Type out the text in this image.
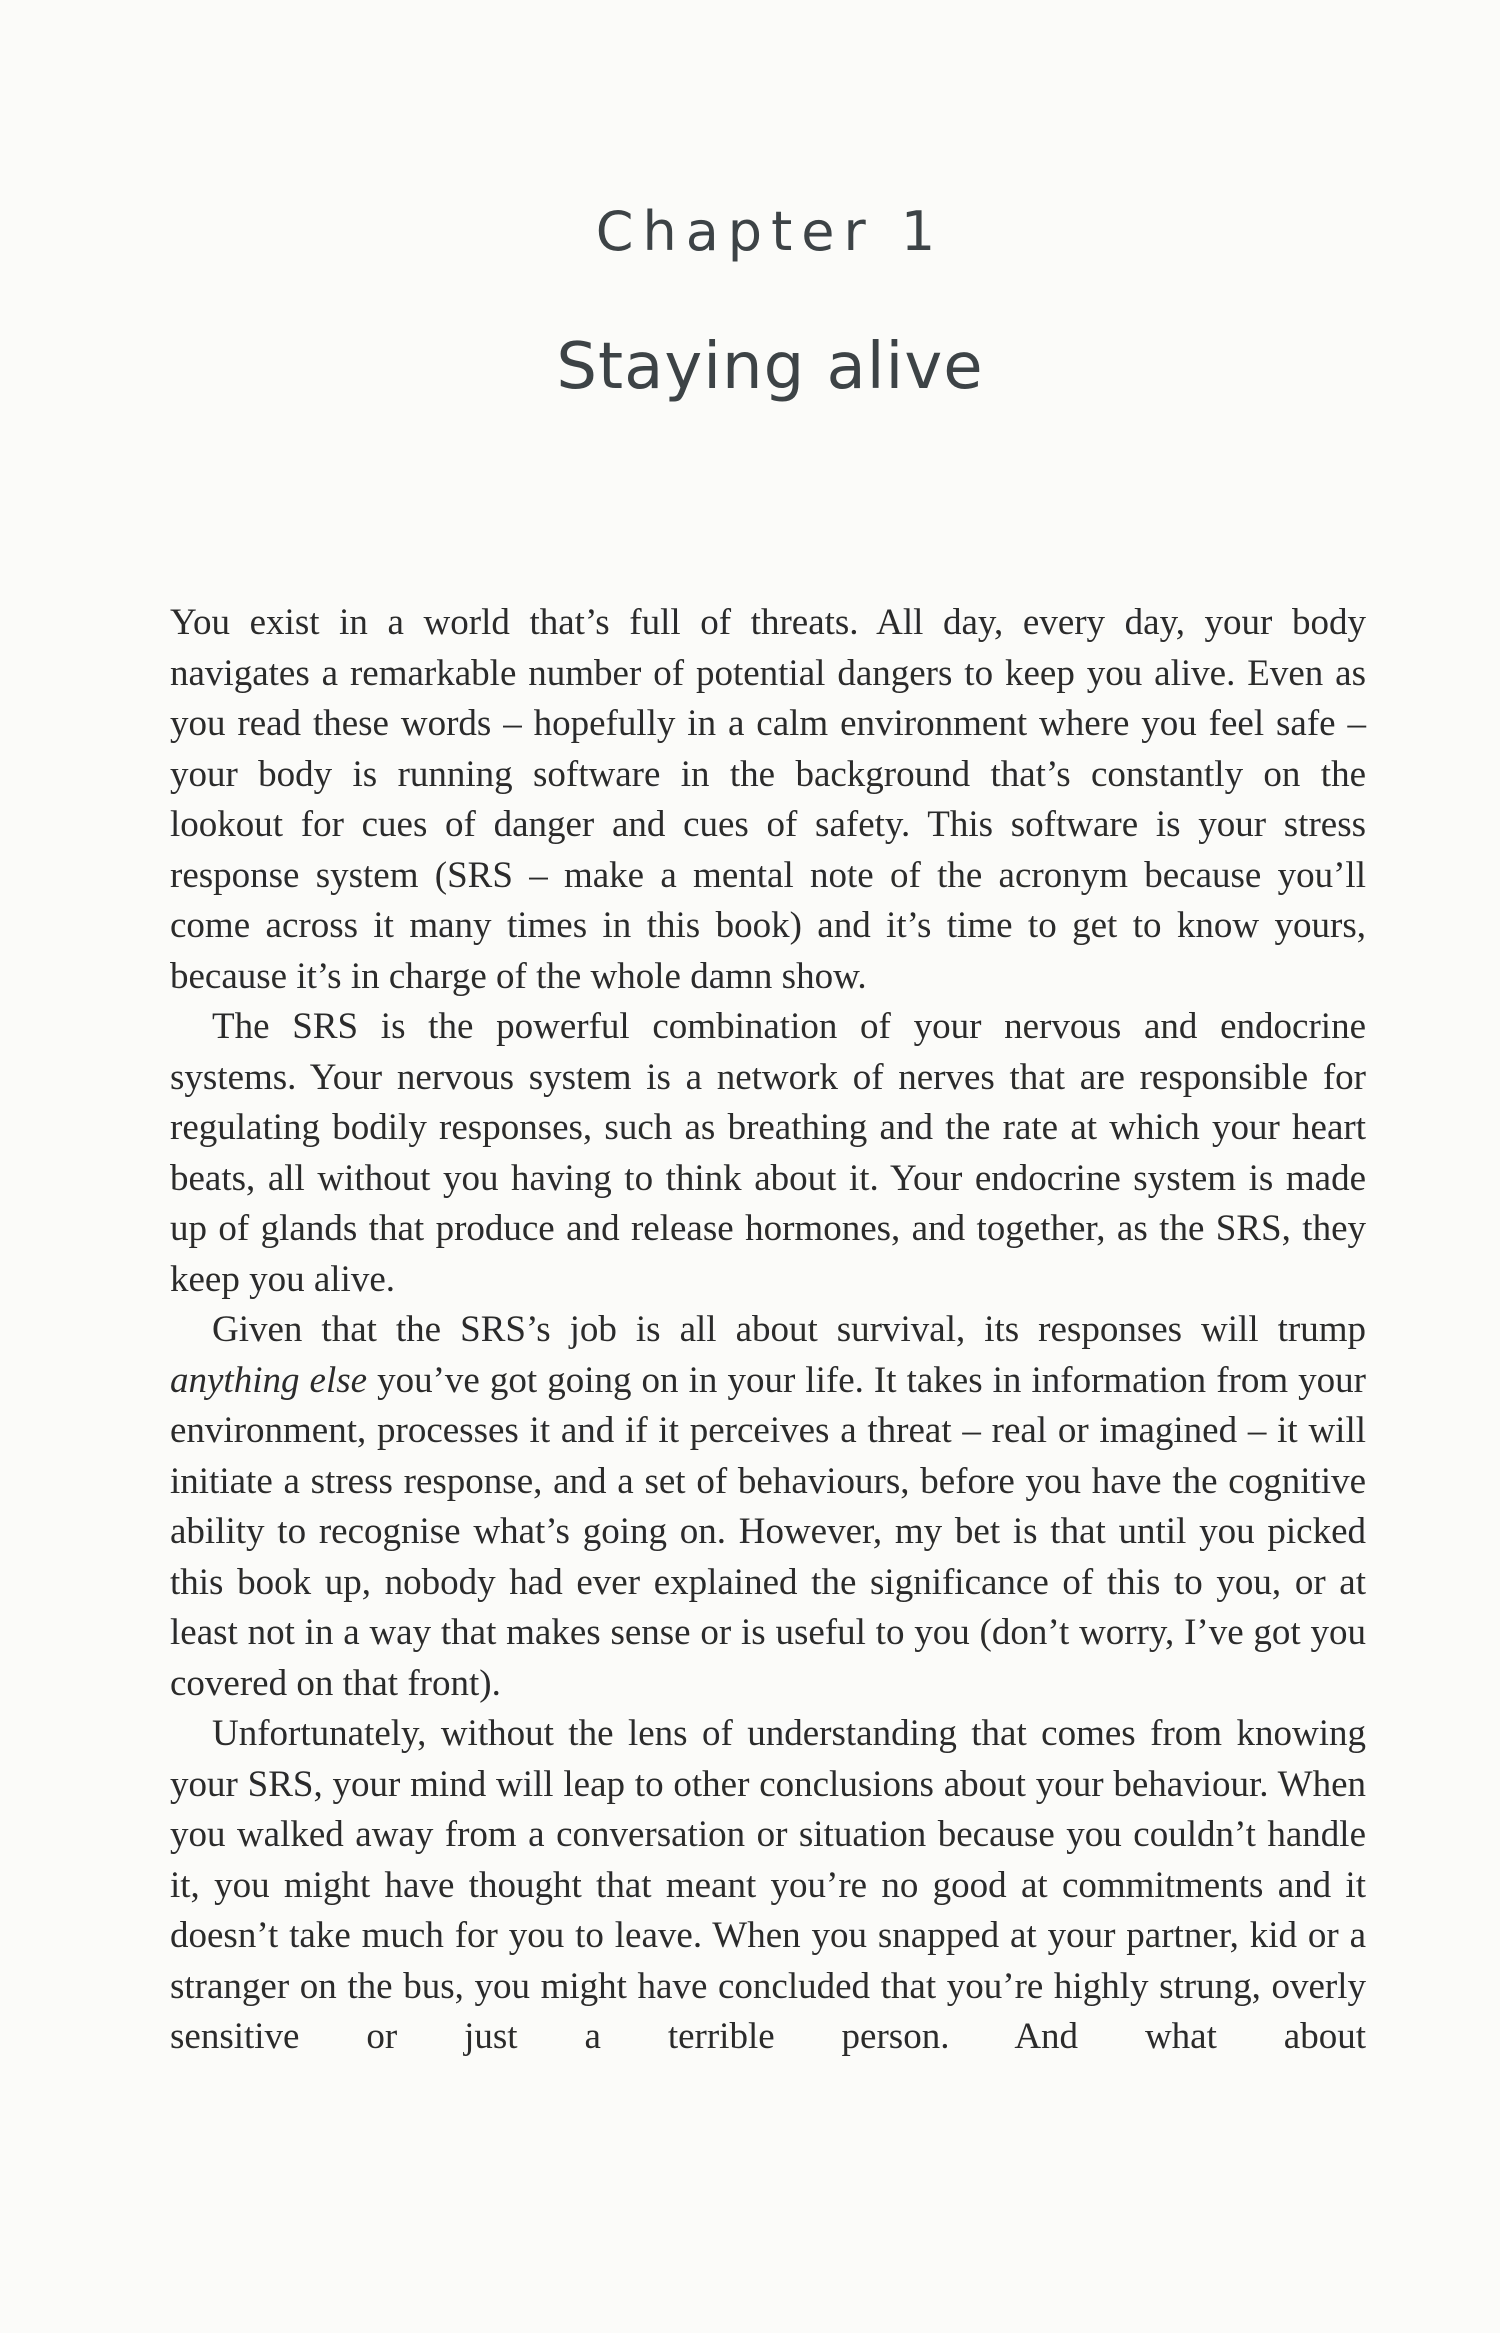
Chapter 1
Staying alive

You exist in a world that’s full of threats. All day, every day, your body navigates a remarkable number of potential dangers to keep you alive. Even as you read these words – hopefully in a calm environment where you feel safe – your body is running software in the background that’s constantly on the lookout for cues of danger and cues of safety. This software is your stress response system (SRS – make a mental note of the acronym because you’ll come across it many times in this book) and it’s time to get to know yours, because it’s in charge of the whole damn show.

The SRS is the powerful combination of your nervous and endocrine systems. Your nervous system is a network of nerves that are responsible for regulating bodily responses, such as breathing and the rate at which your heart beats, all without you having to think about it. Your endocrine system is made up of glands that produce and release hormones, and together, as the SRS, they keep you alive.

Given that the SRS’s job is all about survival, its responses will trump anything else you’ve got going on in your life. It takes in information from your environment, processes it and if it perceives a threat – real or imagined – it will initiate a stress response, and a set of behaviours, before you have the cognitive ability to recognise what’s going on. However, my bet is that until you picked this book up, nobody had ever explained the significance of this to you, or at least not in a way that makes sense or is useful to you (don’t worry, I’ve got you covered on that front).

Unfortunately, without the lens of understanding that comes from knowing your SRS, your mind will leap to other conclusions about your behaviour. When you walked away from a conversation or situation because you couldn’t handle it, you might have thought that meant you’re no good at commitments and it doesn’t take much for you to leave. When you snapped at your partner, kid or a stranger on the bus, you might have concluded that you’re highly strung, overly sensitive or just a terrible person. And what about
